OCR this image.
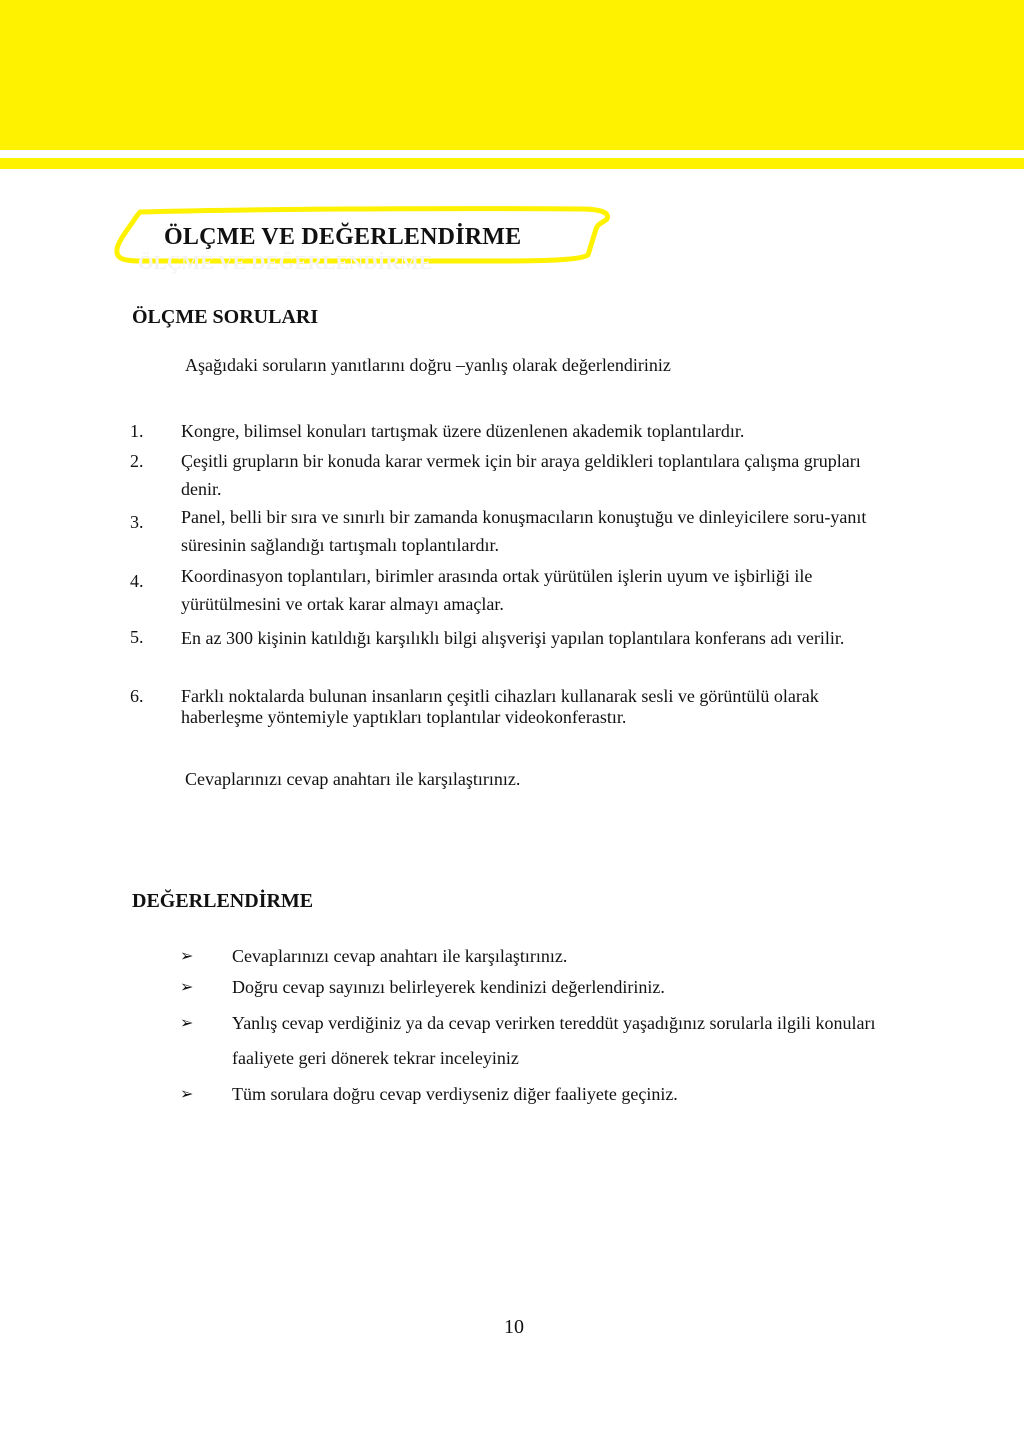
ÖLÇME VE DEĞERLENDİRME
ÖLÇME VE DEĞERLENDİRME
ÖLÇME SORULARI
Aşağıdaki soruların yanıtlarını doğru –yanlış olarak değerlendiriniz
1. Kongre, bilimsel konuları tartışmak üzere düzenlenen akademik toplantılardır.
2. Çeşitli grupların bir konuda karar vermek için bir araya geldikleri toplantılara çalışma grupları denir.
3. Panel, belli bir sıra ve sınırlı bir zamanda konuşmacıların konuştuğu ve dinleyicilere soru-yanıt süresinin sağlandığı tartışmalı toplantılardır.
4. Koordinasyon toplantıları, birimler arasında ortak yürütülen işlerin uyum ve işbirliği ile yürütülmesini ve ortak karar almayı amaçlar.
5. En az 300 kişinin katıldığı karşılıklı bilgi alışverişi yapılan toplantılara konferans adı verilir.
6. Farklı noktalarda bulunan insanların çeşitli cihazları kullanarak sesli ve görüntülü olarak haberleşme yöntemiyle yaptıkları toplantılar videokonferastır.
Cevaplarınızı cevap anahtarı ile karşılaştırınız.
DEĞERLENDİRME
➢ Cevaplarınızı cevap anahtarı ile karşılaştırınız.
➢ Doğru cevap sayınızı belirleyerek kendinizi değerlendiriniz.
➢ Yanlış cevap verdiğiniz ya da cevap verirken tereddüt yaşadığınız sorularla ilgili konuları faaliyete geri dönerek tekrar inceleyiniz
➢ Tüm sorulara doğru cevap verdiyseniz diğer faaliyete geçiniz.
10
